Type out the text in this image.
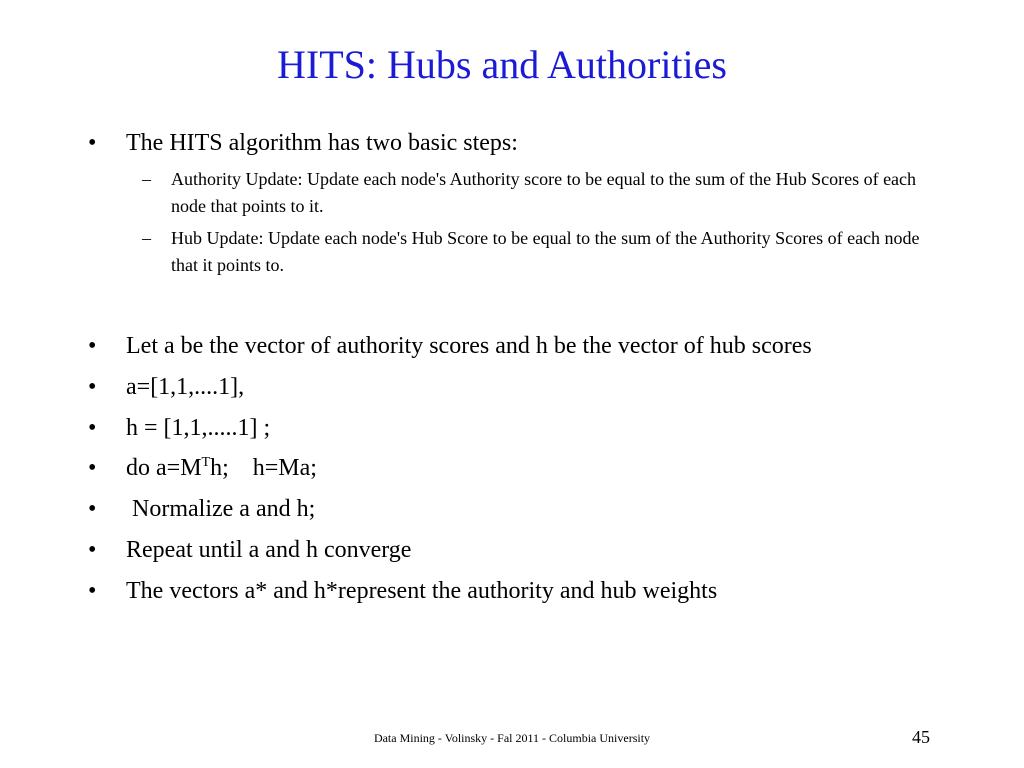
HITS: Hubs and Authorities
• The HITS algorithm has two basic steps:
– Authority Update: Update each node's Authority score to be equal to the sum of the Hub Scores of each node that points to it.
– Hub Update: Update each node's Hub Score to be equal to the sum of the Authority Scores of each node that it points to.
• Let a be the vector of authority scores and h be the vector of hub scores
• a=[1,1,....1],
• h = [1,1,.....1] ;
• do $a=M^Th$;    h=Ma;
• Normalize a and h;
• Repeat until a and h converge
• The vectors a* and h*represent the authority and hub weights
Data Mining - Volinsky - Fal 2011 - Columbia University	45
